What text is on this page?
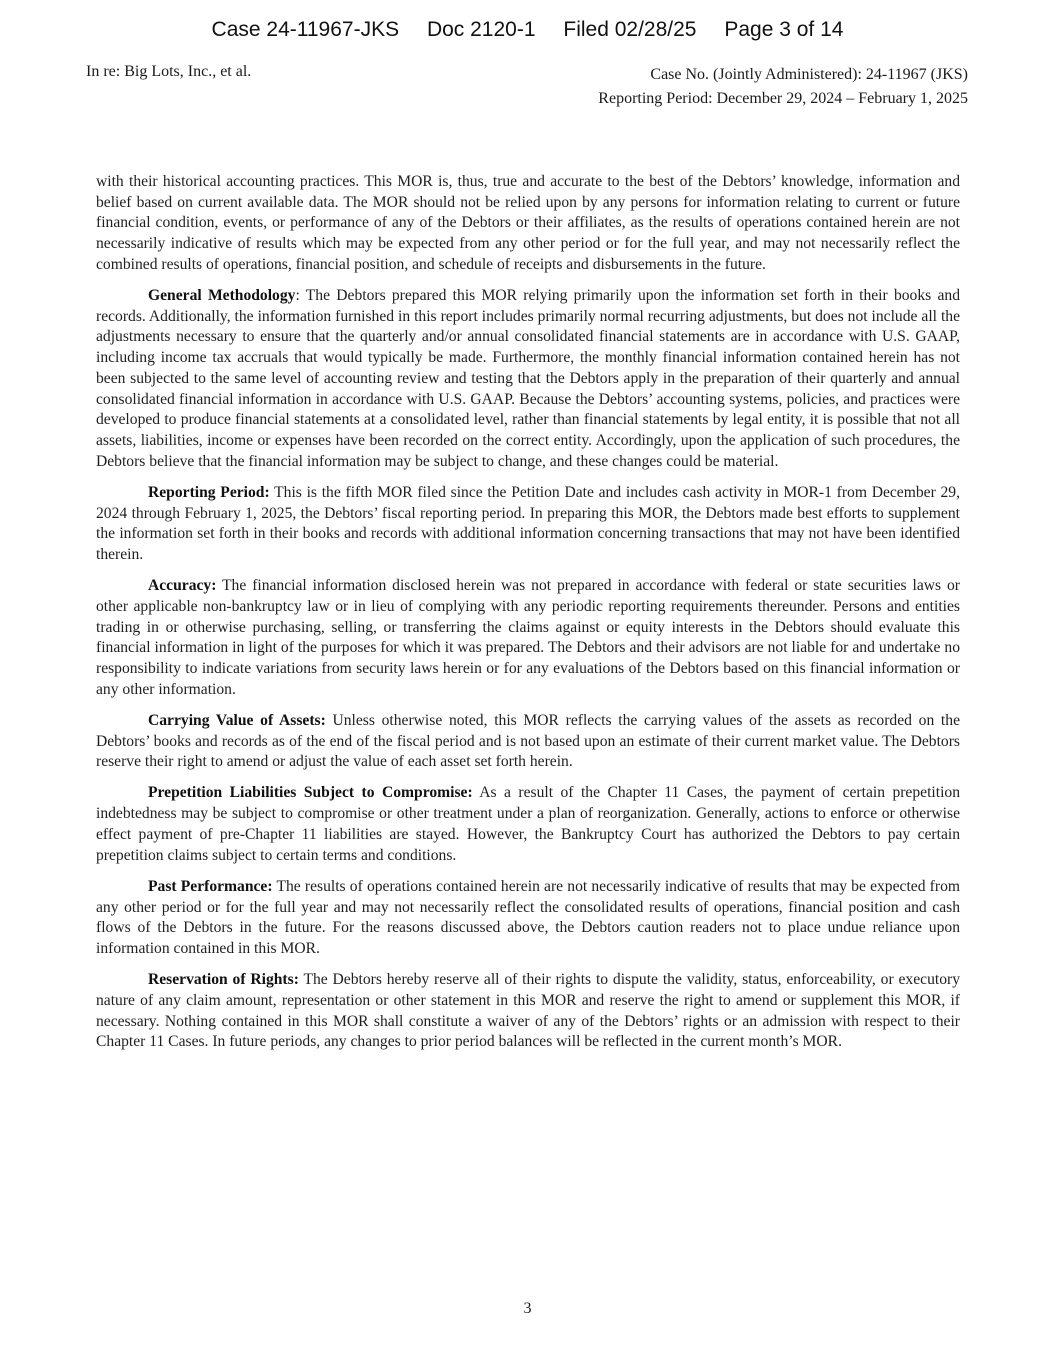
Case 24-11967-JKS Doc 2120-1 Filed 02/28/25 Page 3 of 14
In re: Big Lots, Inc., et al.	Case No. (Jointly Administered): 24-11967 (JKS)
Reporting Period: December 29, 2024 – February 1, 2025

with their historical accounting practices. This MOR is, thus, true and accurate to the best of the Debtors’ knowledge, information and belief based on current available data. The MOR should not be relied upon by any persons for information relating to current or future financial condition, events, or performance of any of the Debtors or their affiliates, as the results of operations contained herein are not necessarily indicative of results which may be expected from any other period or for the full year, and may not necessarily reflect the combined results of operations, financial position, and schedule of receipts and disbursements in the future.

General Methodology: The Debtors prepared this MOR relying primarily upon the information set forth in their books and records. Additionally, the information furnished in this report includes primarily normal recurring adjustments, but does not include all the adjustments necessary to ensure that the quarterly and/or annual consolidated financial statements are in accordance with U.S. GAAP, including income tax accruals that would typically be made. Furthermore, the monthly financial information contained herein has not been subjected to the same level of accounting review and testing that the Debtors apply in the preparation of their quarterly and annual consolidated financial information in accordance with U.S. GAAP. Because the Debtors’ accounting systems, policies, and practices were developed to produce financial statements at a consolidated level, rather than financial statements by legal entity, it is possible that not all assets, liabilities, income or expenses have been recorded on the correct entity. Accordingly, upon the application of such procedures, the Debtors believe that the financial information may be subject to change, and these changes could be material.

Reporting Period: This is the fifth MOR filed since the Petition Date and includes cash activity in MOR-1 from December 29, 2024 through February 1, 2025, the Debtors’ fiscal reporting period. In preparing this MOR, the Debtors made best efforts to supplement the information set forth in their books and records with additional information concerning transactions that may not have been identified therein.

Accuracy: The financial information disclosed herein was not prepared in accordance with federal or state securities laws or other applicable non-bankruptcy law or in lieu of complying with any periodic reporting requirements thereunder. Persons and entities trading in or otherwise purchasing, selling, or transferring the claims against or equity interests in the Debtors should evaluate this financial information in light of the purposes for which it was prepared. The Debtors and their advisors are not liable for and undertake no responsibility to indicate variations from security laws herein or for any evaluations of the Debtors based on this financial information or any other information.

Carrying Value of Assets: Unless otherwise noted, this MOR reflects the carrying values of the assets as recorded on the Debtors’ books and records as of the end of the fiscal period and is not based upon an estimate of their current market value. The Debtors reserve their right to amend or adjust the value of each asset set forth herein.

Prepetition Liabilities Subject to Compromise: As a result of the Chapter 11 Cases, the payment of certain prepetition indebtedness may be subject to compromise or other treatment under a plan of reorganization. Generally, actions to enforce or otherwise effect payment of pre-Chapter 11 liabilities are stayed. However, the Bankruptcy Court has authorized the Debtors to pay certain prepetition claims subject to certain terms and conditions.

Past Performance: The results of operations contained herein are not necessarily indicative of results that may be expected from any other period or for the full year and may not necessarily reflect the consolidated results of operations, financial position and cash flows of the Debtors in the future. For the reasons discussed above, the Debtors caution readers not to place undue reliance upon information contained in this MOR.

Reservation of Rights: The Debtors hereby reserve all of their rights to dispute the validity, status, enforceability, or executory nature of any claim amount, representation or other statement in this MOR and reserve the right to amend or supplement this MOR, if necessary. Nothing contained in this MOR shall constitute a waiver of any of the Debtors’ rights or an admission with respect to their Chapter 11 Cases. In future periods, any changes to prior period balances will be reflected in the current month’s MOR.

3
